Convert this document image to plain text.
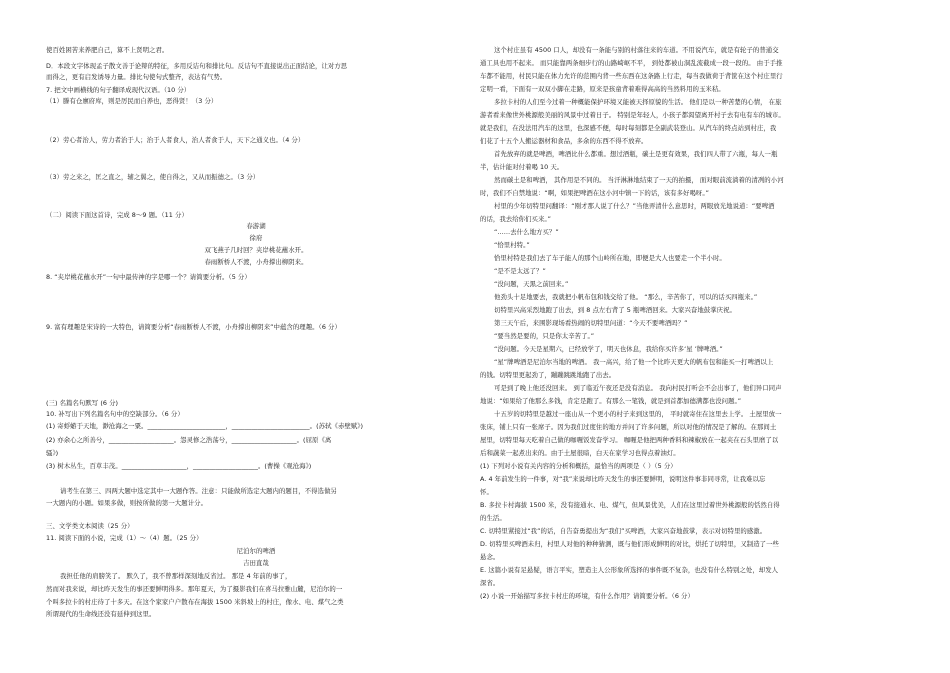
使百姓困苦来养肥自己，算不上贤明之君。
D．本段文字体现孟子散文善于论辩的特征，多用反诘句和排比句。反诘句不直接说出正面结论，让对方思
而得之，更有启发诱导力量。排比句使句式整齐，表达有气势。
7. 把文中画横线的句子翻译成现代汉语。（10 分）
（1）滕有仓廪府库，则是厉民而自养也，恶得贤！（3 分）
（2）劳心者治人，劳力者治于人；治于人者食人，治人者食于人，天下之通义也。（4 分）
（3）劳之来之，匡之直之，辅之翼之，使自得之，又从而振德之。（3 分）
（二）阅读下面这首诗，完成 8～9 题。（11 分）
春游湖
徐府
双飞燕子几时回？夹岸桃花蘸水开。
春雨断桥人不渡，小舟撑出柳阴来。
8. “夹岸桃花蘸水开”一句中最传神的字是哪一个？请简要分析。（5 分）
9. 富有理趣是宋诗的一大特色，请简要分析“春雨断桥人不渡，小舟撑出柳阴来”中蕴含的理趣。（6 分）
(三) 名篇名句默写 (6 分)
10. 补写出下列名篇名句中的空缺部分。（6 分）
(1) 寄蜉蝣于天地，渺沧海之一粟。________________________，________________________。(苏轼《赤壁赋》)
(2) 亦余心之所善兮，____________________。怨灵修之浩荡兮，____________________。(屈原《离
骚》)
(3) 树木丛生，百草丰茂。____________________，____________________。(曹操《观沧海》)
请考生在第三、四两大题中选定其中一大题作答。注意：只能做所选定大题内的题目，不得选做另
一大题内的小题。如果多做，则按所做的第一大题计分。
三、文学类文本阅读（25 分）
11. 阅读下面的小说，完成（1）～（4）题。（25 分）
尼泊尔的啤酒
吉田直哉
我担任他的肩膀笑了。 默久了，我不曾那样深刻地反省过。 那是 4 年前的事了，
然而对我来说，却比昨天发生的事还要鲜明得多。那年夏天，为了摄影我们在喜马拉雅山麓，尼泊尔的一
个叫多拉卡的村庄待了十多天。在这个家家户户散布在海拔 1500 米斜坡上的村庄，像水、电、煤气之类
所谓现代的生命线还没有延伸到这里。
这个村庄虽有 4500 口人，却没有一条能与别的村落往来的车道。不用说汽车，就是有轮子的普通交
通工具也用不起来。 而只能靠两条细步行的山路崎岖不平， 到处都被山洞乱流截成一段一段的。 由于手推
车都不能用，村民只能在体力允许的范围内背一些东西在这条路上行走，每当我做荷于背筐在这个村庄里行
定明一看，下面有一双双小脚在走路，原来是孩童背着难得高高的当然料用的玉米秸。
多拉卡村的人们至今过着一种概能保护环境又能被天择原貌的生活。 他们是以一种苦楚的心情， 在旅
游者看来像世外桃源般美丽的风景中过着日子。 特别是年轻人，小孩子都渴望离开村子去有电有车的城市。
就是我们，在没法用汽车的这里，也深感不便，每时每刻都是全副武装登山。从汽车的终点站到村庄，我
们花了十五个人搬运器材和食品，多余的东西不得不放弃。
首先放弃的就是啤酒，啤酒比什么都重。想过酒瓶，碳土是更有效果，我们四人带了六瓶，每人一瓶
半，估计能对付着喝 10 天。
然而碳土是和啤酒， 其作用是不同的。 当汗淋淋地结束了一天的拍摄， 面对眼前流淌着的清冽的小河
时，我们不自禁地说：“啊，如果把啤酒在这小河中镇一下的话，该有多好喝呀。”
村里的少年切特里问翻译：“刚才那人说了什么？”当他弄清什么意思时，两眼放光地说道：“要啤酒
的话，我去给你们买来。”
“……去什么地方买？”
“恰里村特。”
恰里村特是我们去了车子能人的那个山岭所在地，即便是大人也要走一个半小时。
“是不是太远了？”
“没问题，天黑之前回来。”
他劲头十足地要去，我就把小帆布包和钱交给了他。 “那么，辛苦你了，可以的话买四瓶来。”
切特里兴高采烈地跑了出去，到 8 点左右背了 5 瓶啤酒回来。大家兴奋地鼓掌庆祝。
第三天午后，来围影现场看热闹的切特里问道：“今天不要啤酒吗？”
“要当然是要的，只是你太辛苦了。”
“没问题。今天是星期六，已经放学了，明天也休息，我给你买许多‘星 ’牌啤酒。”
“星”牌啤酒是尼泊尔当地的啤酒。 我一高兴，给了他一个比昨天更大的帆布包和能买一打啤酒以上
的钱。切特里更起劲了，蹦蹦跳跳地跑了出去。
可是到了晚上他还没回来。 到了临近午夜还是没有消息。 我向村民打听会不会出事了，他们异口同声
地说：“如果给了他那么多钱，肯定是跑了。有那么一笔钱，就是到首都加德满都也没问题。”
十五岁的切特里是越过一座山从一个更小的村子来到这里的， 平时就寄住在这里去上学。 土屋里放一
张床，铺上只有一张席子。因为我们过度住的地方并问了许多问题，所以对他的情况是了解的。在那间土
屋里，切特里每天吃着自己做的咖喱饭发奋学习。 咖喱是他把两种香料和辣椒放在一起夹在石头里磨了以
后和蔬菜一起煮出来的。由于土屋很暗，白天在家学习也得点着油灯。
(1) 下列对小说有关内容的分析和概括，最恰当的两项是（ ）（5 分）
A. 4 年前发生的一件事，对“我”来说却比昨天发生的事还要鲜明，说明这件事非同寻常，让我难以忘
怀。
B. 多拉卡村海拔 1500 米，没有接通水、电、煤气，但风景优美，人们在这里过着世外桃源般的恬然自得
的生活。
C. 切特里紧接过“我”的话，自告奋勇提出为“我们”买啤酒，大家兴奋地鼓掌，表示对切特里的感激。
D. 切特里买啤酒未归，村里人对他的种种猜测，既与他们形成鲜明的对比，烘托了切特里，又制造了一些
悬念。
E. 这篇小说有足悬疑，语言平实，塑造主人公形象所选择的事件既不复杂，也没有什么特别之处，却发人
深省。
(2) 小说一开始描写多拉卡村庄的环境，有什么作用？请简要分析。（6 分）
